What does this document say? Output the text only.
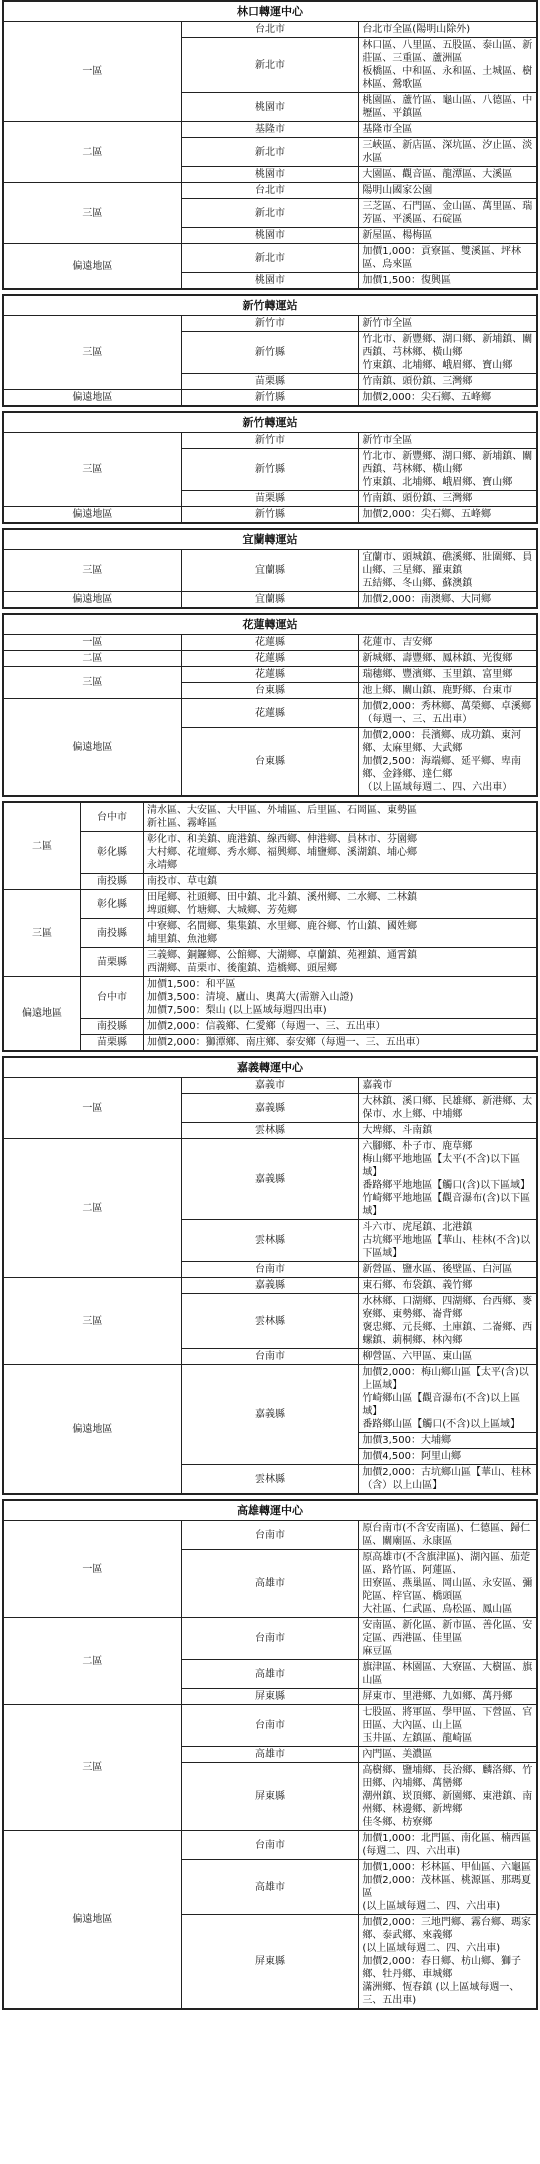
林口轉運中心		
一區	台北市	台北市全區(陽明山除外)
	新北市	林口區、八里區、五股區、泰山區、新莊區、三重區、蘆洲區
板橋區、中和區、永和區、土城區、樹林區、鶯歌區
	桃園市	桃園區、蘆竹區、龜山區、八德區、中壢區、平鎮區
二區	基隆市	基隆市全區
	新北市	三峽區、新店區、深坑區、汐止區、淡水區
	桃園市	大園區、觀音區、龍潭區、大溪區
三區	台北市	陽明山國家公園
	新北市	三芝區、石門區、金山區、萬里區、瑞芳區、平溪區、石碇區
	桃園市	新屋區、楊梅區
偏遠地區	新北市	加價1,000：貢寮區、雙溪區、坪林區、烏來區
	桃園市	加價1,500：復興區
新竹轉運站		
三區	新竹市	新竹市全區
	新竹縣	竹北市、新豐鄉、湖口鄉、新埔鎮、關西鎮、芎林鄉、橫山鄉
竹東鎮、北埔鄉、峨眉鄉、寶山鄉
	苗栗縣	竹南鎮、頭份鎮、三灣鄉
偏遠地區	新竹縣	加價2,000：尖石鄉、五峰鄉
新竹轉運站		
三區	新竹市	新竹市全區
	新竹縣	竹北市、新豐鄉、湖口鄉、新埔鎮、關西鎮、芎林鄉、橫山鄉
竹東鎮、北埔鄉、峨眉鄉、寶山鄉
	苗栗縣	竹南鎮、頭份鎮、三灣鄉
偏遠地區	新竹縣	加價2,000：尖石鄉、五峰鄉
宜蘭轉運站		
三區	宜蘭縣	宜蘭市、頭城鎮、礁溪鄉、壯圍鄉、員山鄉、三星鄉、羅東鎮
五結鄉、冬山鄉、蘇澳鎮
偏遠地區	宜蘭縣	加價2,000：南澳鄉、大同鄉
花蓮轉運站		
一區	花蓮縣	花蓮市、吉安鄉
二區	花蓮縣	新城鄉、壽豐鄉、鳳林鎮、光復鄉
三區	花蓮縣	瑞穗鄉、豐濱鄉、玉里鎮、富里鄉
	台東縣	池上鄉、關山鎮、鹿野鄉、台東市
偏遠地區	花蓮縣	加價2,000：秀林鄉、萬榮鄉、卓溪鄉（每週一、三、五出車）
	台東縣	加價2,000：長濱鄉、成功鎮、東河鄉、太麻里鄉、大武鄉
加價2,500：海端鄉、延平鄉、卑南鄉、金鋒鄉、達仁鄉
（以上區域每週二、四、六出車）
二區	台中市	清水區、大安區、大甲區、外埔區、后里區、石岡區、東勢區
新社區、霧峰區
	彰化縣	彰化市、和美鎮、鹿港鎮、線西鄉、伸港鄉、員林市、芬園鄉
大村鄉、花壇鄉、秀水鄉、福興鄉、埔鹽鄉、溪湖鎮、埔心鄉
永靖鄉
	南投縣	南投市、草屯鎮
三區	彰化縣	田尾鄉、社頭鄉、田中鎮、北斗鎮、溪州鄉、二水鄉、二林鎮
埤頭鄉、竹塘鄉、大城鄉、芳苑鄉
	南投縣	中寮鄉、名間鄉、集集鎮、水里鄉、鹿谷鄉、竹山鎮、國姓鄉
埔里鎮、魚池鄉
	苗栗縣	三義鄉、銅鑼鄉、公館鄉、大湖鄉、卓蘭鎮、苑裡鎮、通霄鎮
西湖鄉、苗栗市、後龍鎮、造橋鄉、頭屋鄉
偏遠地區	台中市	加價1,500：和平區
加價3,500：清境、廬山、奧萬大(需辦入山證)
加價7,500：梨山 (以上區域每週四出車)
	南投縣	加價2,000：信義鄉、仁愛鄉（每週一、三、五出車）
	苗栗縣	加價2,000：獅潭鄉、南庄鄉、泰安鄉（每週一、三、五出車）
嘉義轉運中心		
一區	嘉義市	嘉義市
	嘉義縣	大林鎮、溪口鄉、民雄鄉、新港鄉、太保市、水上鄉、中埔鄉
	雲林縣	大埤鄉、斗南鎮
二區	嘉義縣	六腳鄉、朴子市、鹿草鄉
梅山鄉平地地區【太平(不含)以下區域】
番路鄉平地地區【觸口(含)以下區域】
竹崎鄉平地地區【觀音瀑布(含)以下區域】
	雲林縣	斗六市、虎尾鎮、北港鎮
古坑鄉平地地區【華山、桂林(不含)以下區域】
	台南市	新營區、鹽水區、後壁區、白河區
三區	嘉義縣	東石鄉、布袋鎮、義竹鄉
	雲林縣	水林鄉、口湖鄉、四湖鄉、台西鄉、麥寮鄉、東勢鄉、崙背鄉
褒忠鄉、元長鄉、土庫鎮、二崙鄉、西螺鎮、莿桐鄉、林內鄉
	台南市	柳營區、六甲區、東山區
偏遠地區	嘉義縣	加價2,000：梅山鄉山區【太平(含)以上區域】
竹崎鄉山區【觀音瀑布(不含)以上區域】
番路鄉山區【觸口(不含)以上區域】
		加價3,500：大埔鄉
		加價4,500：阿里山鄉
	雲林縣	加價2,000：古坑鄉山區【華山、桂林（含）以上山區】
高雄轉運中心		
一區	台南市	原台南市(不含安南區)、仁德區、歸仁區、關廟區、永康區
	高雄市	原高雄市(不含旗津區)、湖內區、茄萣區、路竹區、阿蓮區、
田寮區、燕巢區、岡山區、永安區、彌陀區、梓官區、橋頭區
大社區、仁武區、鳥松區、鳳山區
二區	台南市	安南區、新化區、新市區、善化區、安定區、西港區、佳里區
麻豆區
	高雄市	旗津區、林園區、大寮區、大樹區、旗山區
	屏東縣	屏東市、里港鄉、九如鄉、萬丹鄉
三區	台南市	七股區、將軍區、學甲區、下營區、官田區、大內區、山上區
玉井區、左鎮區、龍崎區
	高雄市	內門區、美濃區
	屏東縣	高樹鄉、鹽埔鄉、長治鄉、麟洛鄉、竹田鄉、內埔鄉、萬巒鄉
潮州鎮、崁頂鄉、新園鄉、東港鎮、南州鄉、林邊鄉、新埤鄉
佳冬鄉、枋寮鄉
偏遠地區	台南市	加價1,000：北門區、南化區、楠西區 (每週二、四、六出車)
	高雄市	加價1,000：杉林區、甲仙區、六龜區
加價2,000：茂林區、桃源區、那瑪夏區
(以上區域每週二、四、六出車)
	屏東縣	加價2,000：三地門鄉、霧台鄉、瑪家鄉、泰武鄉、來義鄉
(以上區域每週二、四、六出車)
加價2,000：春日鄉、枋山鄉、獅子鄉、牡丹鄉、車城鄉
滿洲鄉、恆春鎮 (以上區域每週一、三、五出車)
